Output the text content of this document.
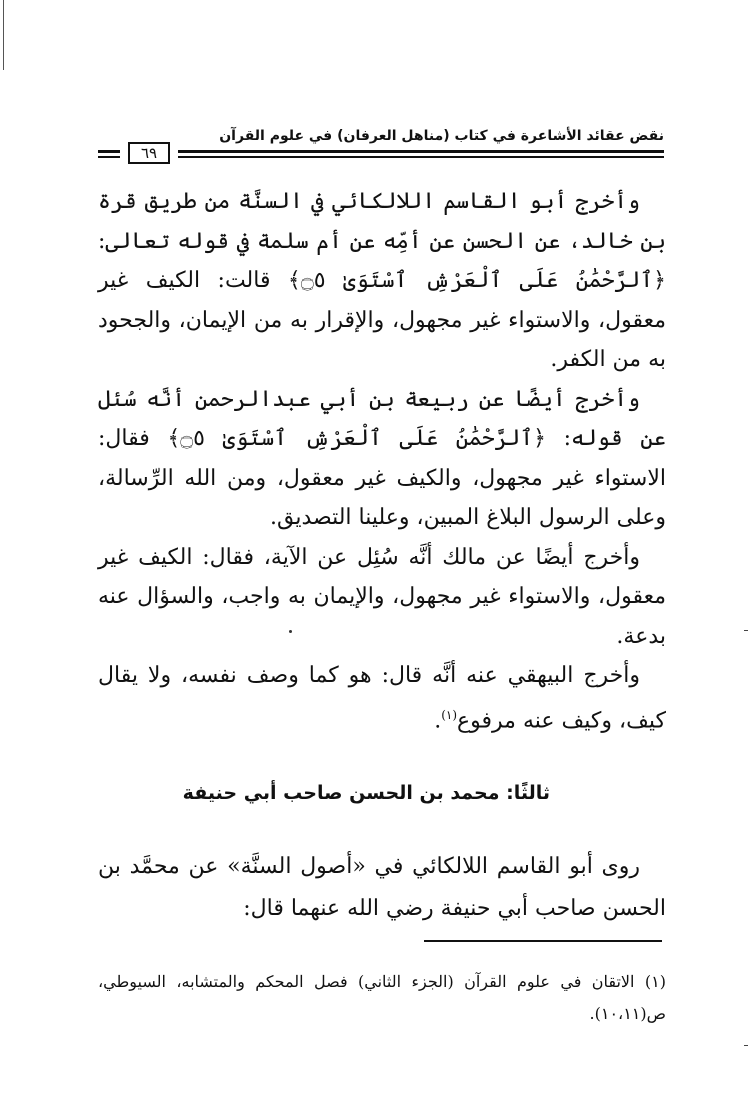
نقض عقائد الأشاعرة في كتاب (مناهل العرفان) في علوم القرآن
٦٩

وأخرج أبو القاسم اللالكائي في السنَّة من طريق قرة بن خالد، عن الحسن عن أمِّه عن أم سلمة في قوله تعالى: ﴿ٱلرَّحْمَٰنُ عَلَى ٱلْعَرْشِ ٱسْتَوَىٰ ۝٥﴾ قالت: الكيف غير معقول، والاستواء غير مجهول، والإقرار به من الإيمان، والجحود به من الكفر.

وأخرج أيضًا عن ربيعة بن أبي عبدالرحمن أنَّه سُئل عن قوله: ﴿ٱلرَّحْمَٰنُ عَلَى ٱلْعَرْشِ ٱسْتَوَىٰ ۝٥﴾ فقال: الاستواء غير مجهول، والكيف غير معقول، ومن الله الرِّسالة، وعلى الرسول البلاغ المبين، وعلينا التصديق.

وأخرج أيضًا عن مالك أنَّه سُئِل عن الآية، فقال: الكيف غير معقول، والاستواء غير مجهول، والإيمان به واجب، والسؤال عنه بدعة.

وأخرج البيهقي عنه أنَّه قال: هو كما وصف نفسه، ولا يقال كيف، وكيف عنه مرفوع$^{(١)}$.

ثالثًا: محمد بن الحسن صاحب أبي حنيفة

روى أبو القاسم اللالكائي في «أصول السنَّة» عن محمَّد بن الحسن صاحب أبي حنيفة رضي الله عنهما قال:

(١) الاتقان في علوم القرآن (الجزء الثاني) فصل المحكم والمتشابه، السيوطي، ص(١٠،١١).
